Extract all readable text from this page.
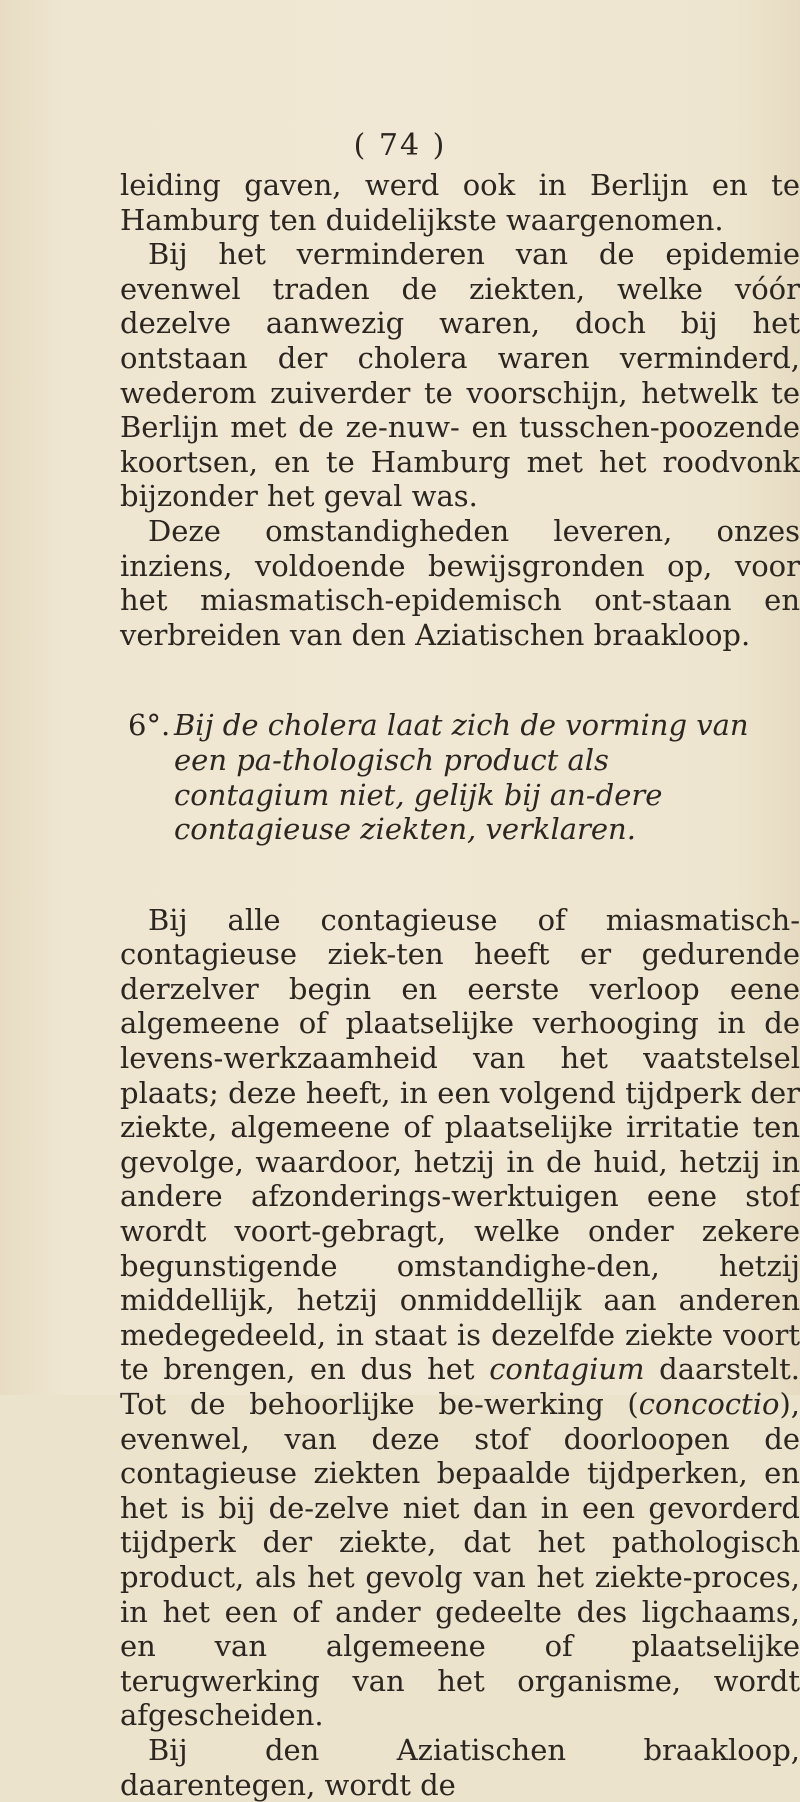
( 74 )

leiding gaven, werd ook in Berlijn en te Hamburg ten duidelijkste waargenomen.

Bij het verminderen van de epidemie evenwel traden de ziekten, welke vóór dezelve aanwezig waren, doch bij het ontstaan der cholera waren verminderd, wederom zuiverder te voorschijn, hetwelk te Berlijn met de ze-nuw- en tusschen-poozende koortsen, en te Hamburg met het roodvonk bijzonder het geval was.

Deze omstandigheden leveren, onzes inziens, voldoende bewijsgronden op, voor het miasmatisch-epidemisch ont-staan en verbreiden van den Aziatischen braakloop.

6°. Bij de cholera laat zich de vorming van een pa-thologisch product als contagium niet, gelijk bij an-dere contagieuse ziekten, verklaren.

Bij alle contagieuse of miasmatisch-contagieuse ziek-ten heeft er gedurende derzelver begin en eerste verloop eene algemeene of plaatselijke verhooging in de levens-werkzaamheid van het vaatstelsel plaats; deze heeft, in een volgend tijdperk der ziekte, algemeene of plaatselijke irritatie ten gevolge, waardoor, hetzij in de huid, hetzij in andere afzonderings-werktuigen eene stof wordt voort-gebragt, welke onder zekere begunstigende omstandighe-den, hetzij middellijk, hetzij onmiddellijk aan anderen medegedeeld, in staat is dezelfde ziekte voort te brengen, en dus het contagium daarstelt. Tot de behoorlijke be-werking (concoctio), evenwel, van deze stof doorloopen de contagieuse ziekten bepaalde tijdperken, en het is bij de-zelve niet dan in een gevorderd tijdperk der ziekte, dat het pathologisch product, als het gevolg van het ziekte-proces, in het een of ander gedeelte des ligchaams, en van algemeene of plaatselijke terugwerking van het organisme, wordt afgescheiden.

Bij den Aziatischen braakloop, daarentegen, wordt de
